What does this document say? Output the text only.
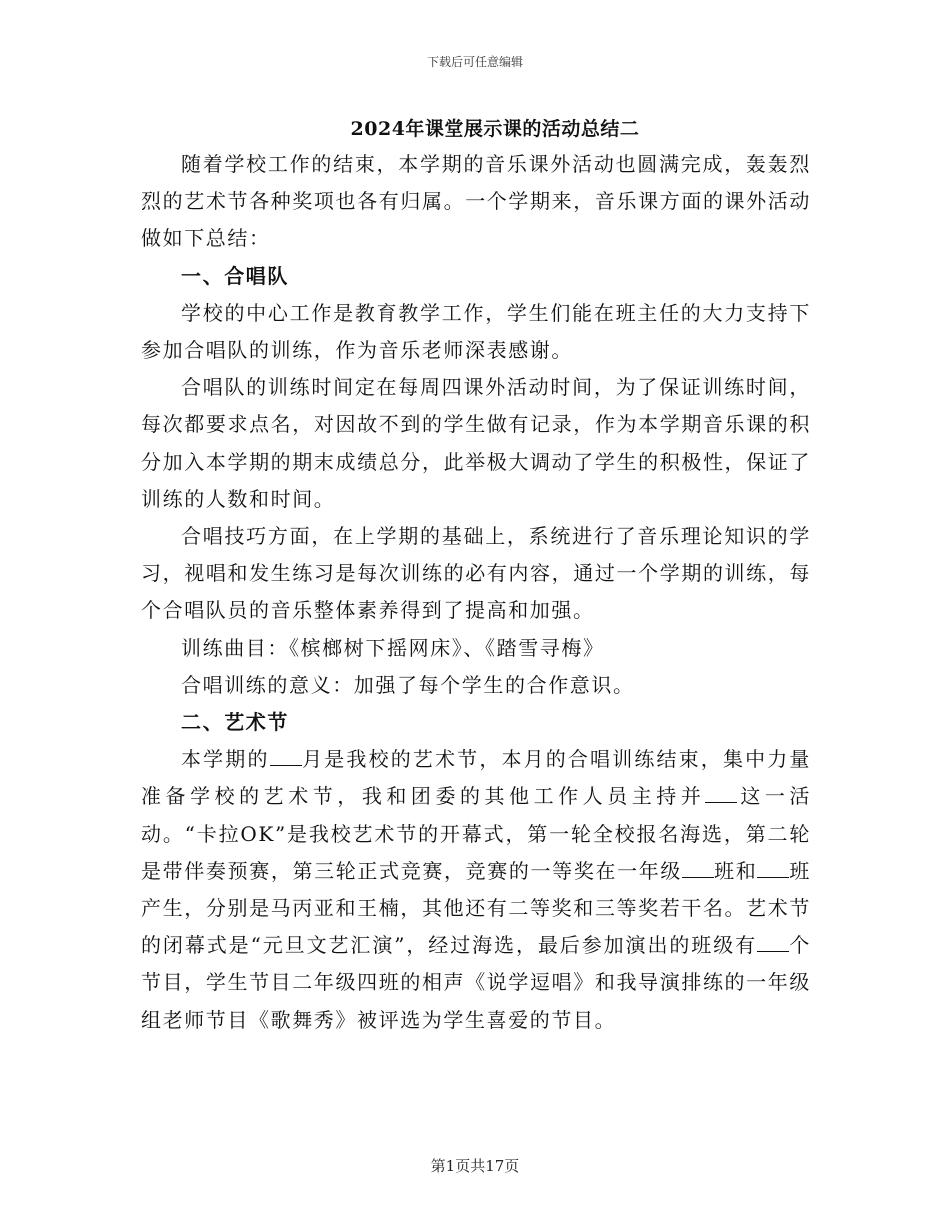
下载后可任意编辑
2024年课堂展示课的活动总结二

随着学校工作的结束，本学期的音乐课外活动也圆满完成，轰轰烈烈的艺术节各种奖项也各有归属。一个学期来，音乐课方面的课外活动做如下总结：

一、合唱队

学校的中心工作是教育教学工作，学生们能在班主任的大力支持下参加合唱队的训练，作为音乐老师深表感谢。

合唱队的训练时间定在每周四课外活动时间，为了保证训练时间，每次都要求点名，对因故不到的学生做有记录，作为本学期音乐课的积分加入本学期的期末成绩总分，此举极大调动了学生的积极性，保证了训练的人数和时间。

合唱技巧方面，在上学期的基础上，系统进行了音乐理论知识的学习，视唱和发生练习是每次训练的必有内容，通过一个学期的训练，每个合唱队员的音乐整体素养得到了提高和加强。

训练曲目：《槟榔树下摇网床》、《踏雪寻梅》

合唱训练的意义：加强了每个学生的合作意识。

二、艺术节

本学期的 月是我校的艺术节，本月的合唱训练结束，集中力量准备学校的艺术节，我和团委的其他工作人员主持并 这一活动。“卡拉OK”是我校艺术节的开幕式，第一轮全校报名海选，第二轮是带伴奏预赛，第三轮正式竞赛，竞赛的一等奖在一年级 班和 班产生，分别是马丙亚和王楠，其他还有二等奖和三等奖若干名。艺术节的闭幕式是“元旦文艺汇演”，经过海选，最后参加演出的班级有 个节目，学生节目二年级四班的相声《说学逗唱》和我导演排练的一年级组老师节目《歌舞秀》被评选为学生喜爱的节目。

第1页共17页
